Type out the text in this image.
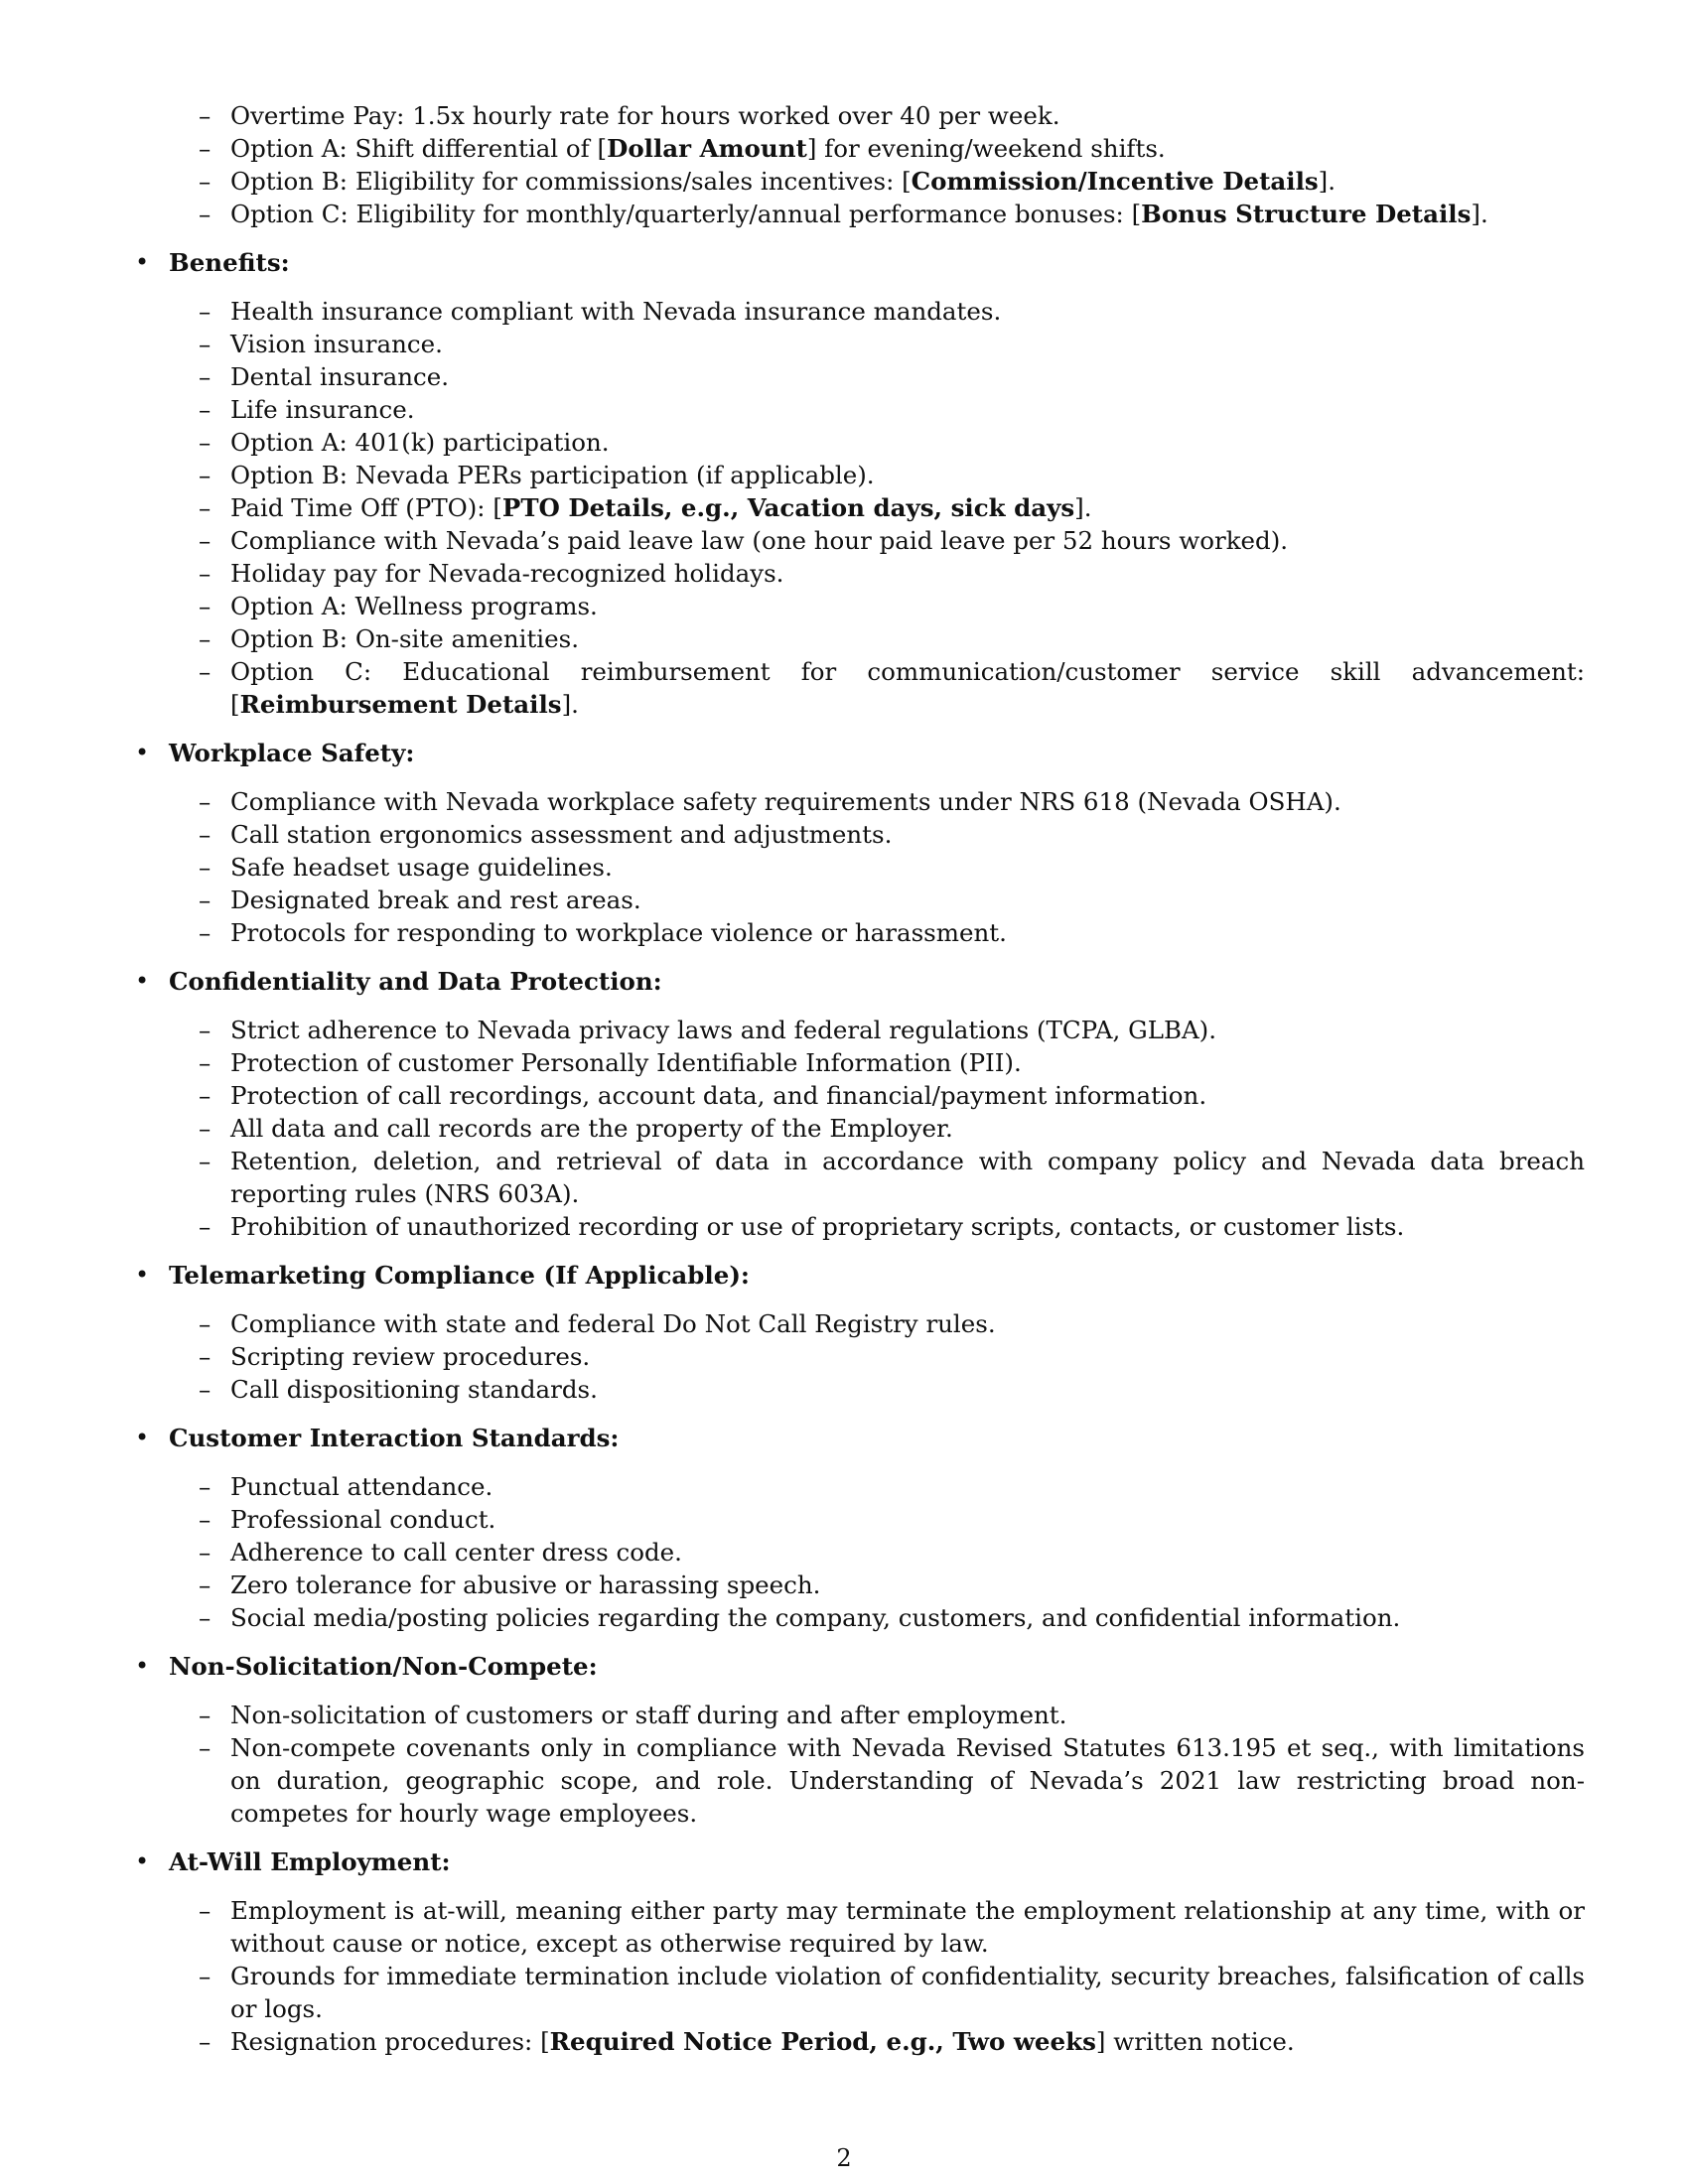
– Overtime Pay: 1.5x hourly rate for hours worked over 40 per week.
– Option A: Shift differential of [Dollar Amount] for evening/weekend shifts.
– Option B: Eligibility for commissions/sales incentives: [Commission/Incentive Details].
– Option C: Eligibility for monthly/quarterly/annual performance bonuses: [Bonus Structure Details].
• Benefits:
– Health insurance compliant with Nevada insurance mandates.
– Vision insurance.
– Dental insurance.
– Life insurance.
– Option A: 401(k) participation.
– Option B: Nevada PERs participation (if applicable).
– Paid Time Off (PTO): [PTO Details, e.g., Vacation days, sick days].
– Compliance with Nevada’s paid leave law (one hour paid leave per 52 hours worked).
– Holiday pay for Nevada-recognized holidays.
– Option A: Wellness programs.
– Option B: On-site amenities.
– Option C: Educational reimbursement for communication/customer service skill advancement: [Reimbursement Details].
• Workplace Safety:
– Compliance with Nevada workplace safety requirements under NRS 618 (Nevada OSHA).
– Call station ergonomics assessment and adjustments.
– Safe headset usage guidelines.
– Designated break and rest areas.
– Protocols for responding to workplace violence or harassment.
• Confidentiality and Data Protection:
– Strict adherence to Nevada privacy laws and federal regulations (TCPA, GLBA).
– Protection of customer Personally Identifiable Information (PII).
– Protection of call recordings, account data, and financial/payment information.
– All data and call records are the property of the Employer.
– Retention, deletion, and retrieval of data in accordance with company policy and Nevada data breach reporting rules (NRS 603A).
– Prohibition of unauthorized recording or use of proprietary scripts, contacts, or customer lists.
• Telemarketing Compliance (If Applicable):
– Compliance with state and federal Do Not Call Registry rules.
– Scripting review procedures.
– Call dispositioning standards.
• Customer Interaction Standards:
– Punctual attendance.
– Professional conduct.
– Adherence to call center dress code.
– Zero tolerance for abusive or harassing speech.
– Social media/posting policies regarding the company, customers, and confidential information.
• Non-Solicitation/Non-Compete:
– Non-solicitation of customers or staff during and after employment.
– Non-compete covenants only in compliance with Nevada Revised Statutes 613.195 et seq., with limitations on duration, geographic scope, and role. Understanding of Nevada’s 2021 law restricting broad non-competes for hourly wage employees.
• At-Will Employment:
– Employment is at-will, meaning either party may terminate the employment relationship at any time, with or without cause or notice, except as otherwise required by law.
– Grounds for immediate termination include violation of confidentiality, security breaches, falsification of calls or logs.
– Resignation procedures: [Required Notice Period, e.g., Two weeks] written notice.
2
